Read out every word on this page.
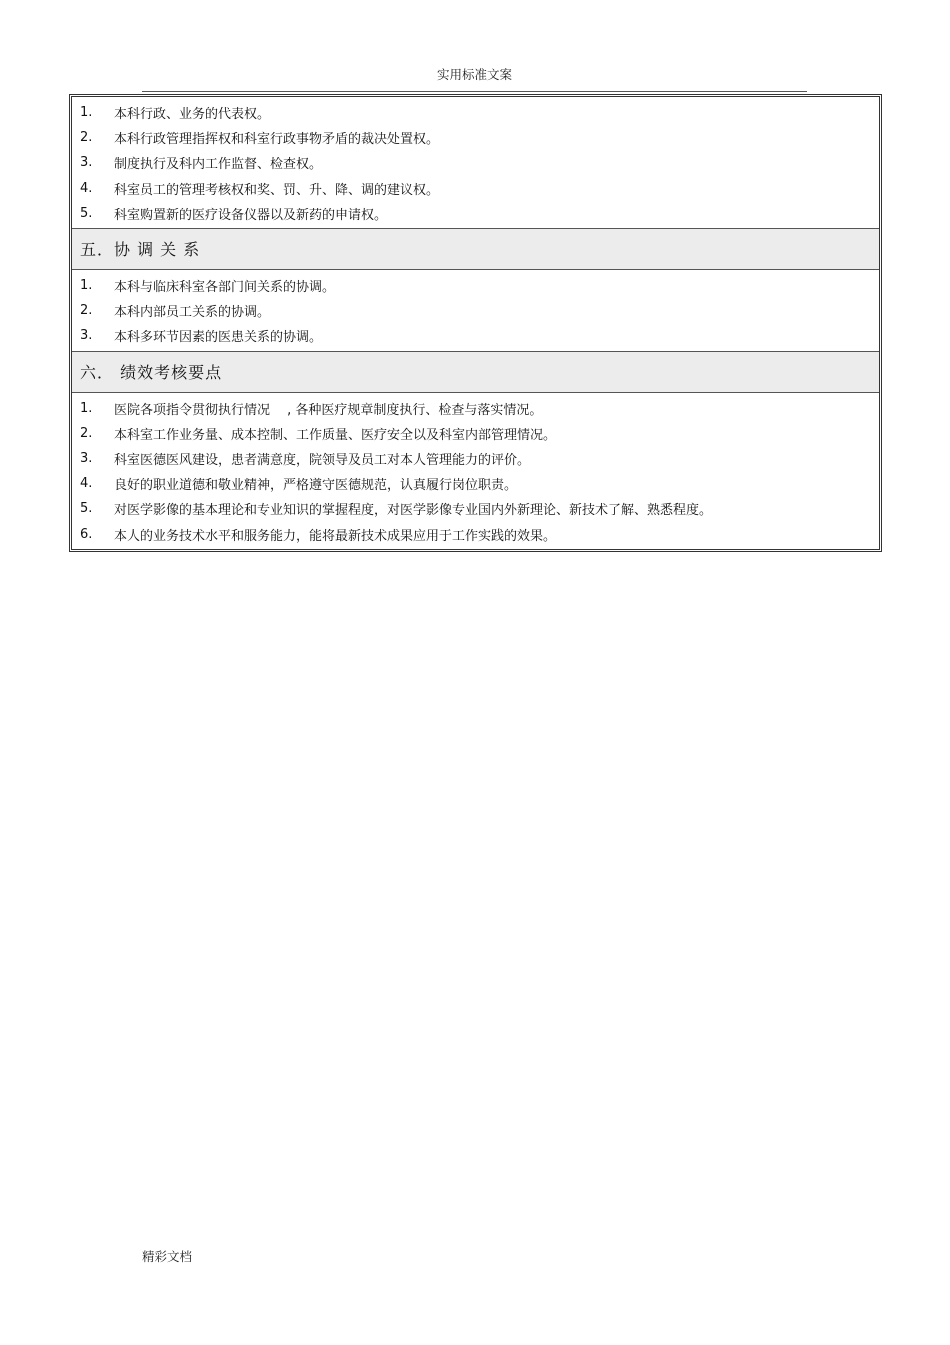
实用标准文案
1.	本科行政、业务的代表权。
2.	本科行政管理指挥权和科室行政事物矛盾的裁决处置权。
3.	制度执行及科内工作监督、检查权。
4.	科室员工的管理考核权和奖、罚、升、降、调的建议权。
5.	科室购置新的医疗设备仪器以及新药的申请权。
五．协 调 关 系
1.	本科与临床科室各部门间关系的协调。
2.	本科内部员工关系的协调。
3.	本科多环节因素的医患关系的协调。
六． 绩效考核要点
1.	医院各项指令贯彻执行情况　 , 各种医疗规章制度执行、检查与落实情况。
2.	本科室工作业务量、成本控制、工作质量、医疗安全以及科室内部管理情况。
3.	科室医德医风建设，患者满意度，院领导及员工对本人管理能力的评价。
4.	良好的职业道德和敬业精神，严格遵守医德规范，认真履行岗位职责。
5.	对医学影像的基本理论和专业知识的掌握程度，对医学影像专业国内外新理论、新技术了解、熟悉程度。
6.	本人的业务技术水平和服务能力，能将最新技术成果应用于工作实践的效果。
精彩文档
